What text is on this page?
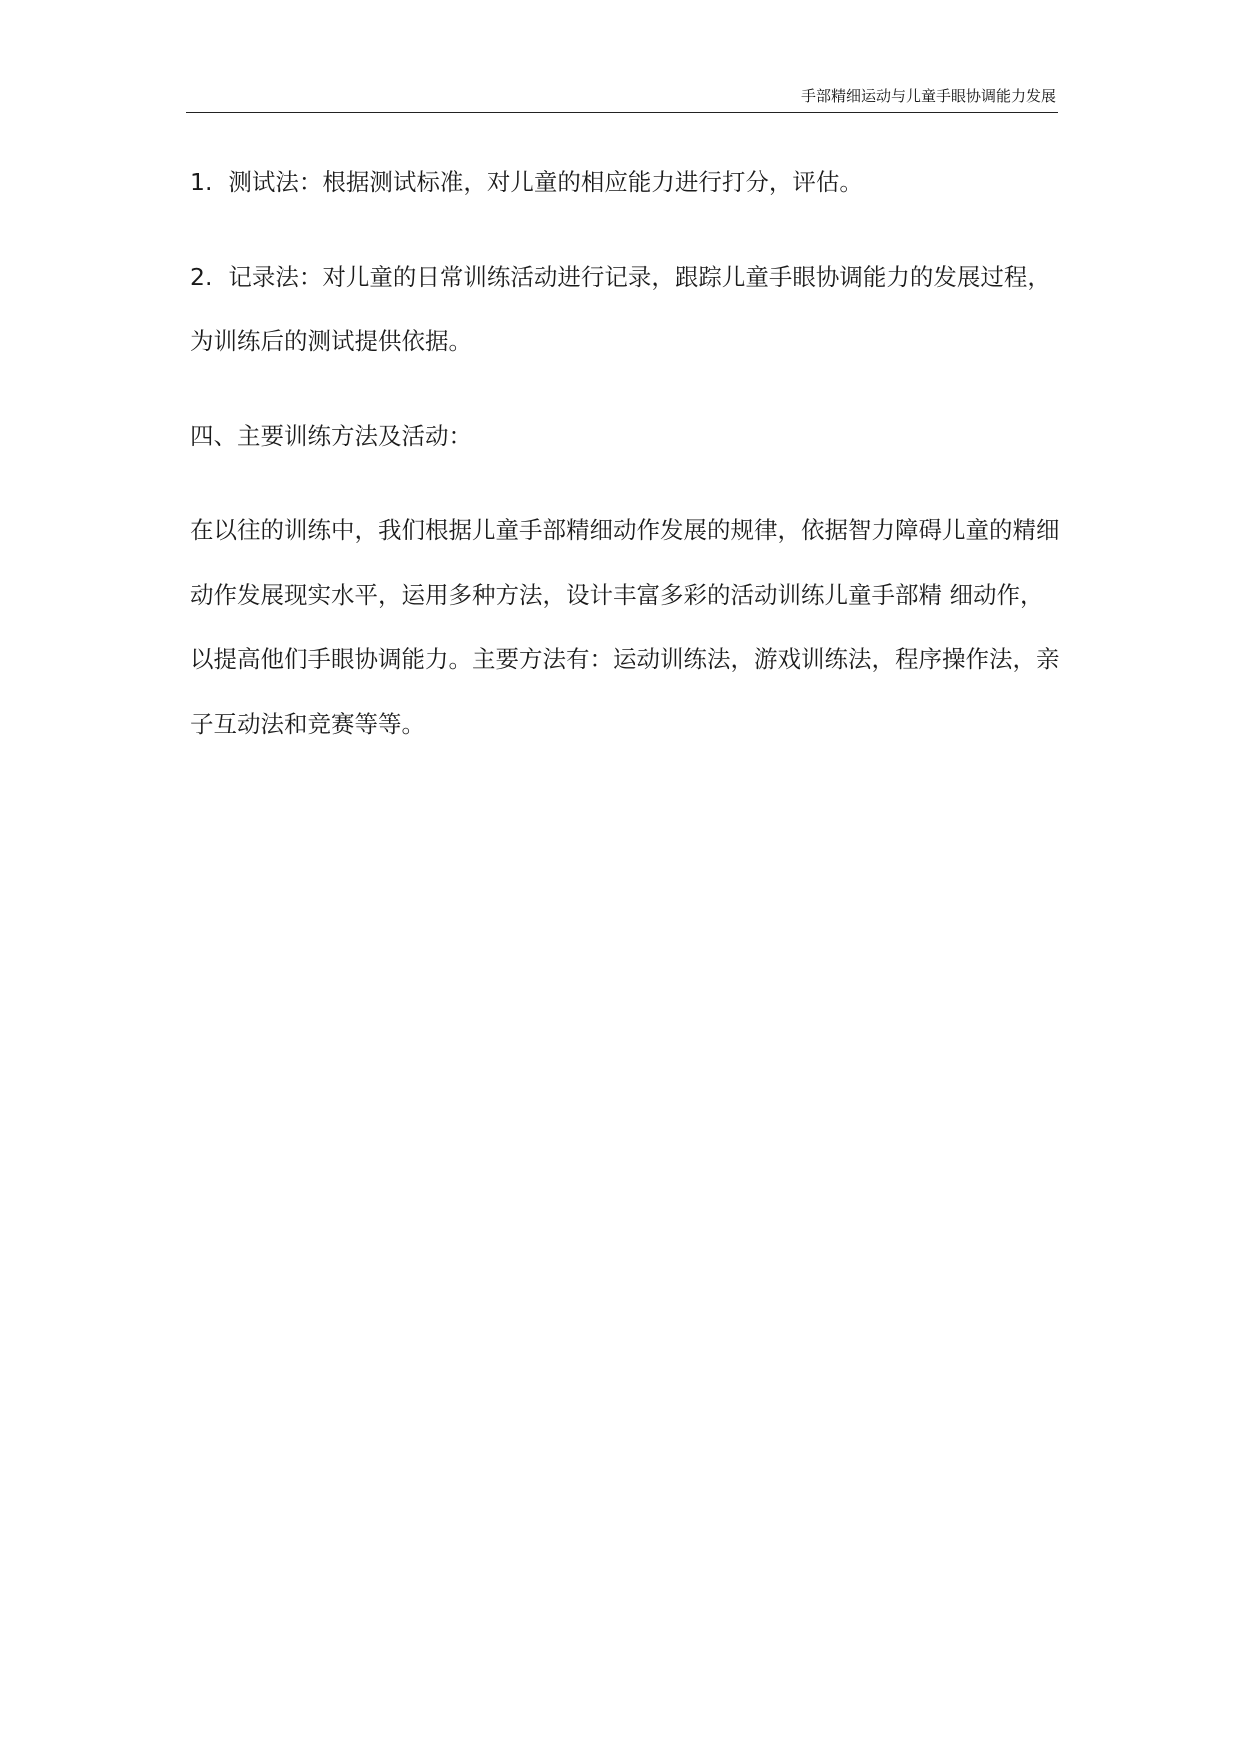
手部精细运动与儿童手眼协调能力发展

1. 测试法：根据测试标准，对儿童的相应能力进行打分，评估。

2. 记录法：对儿童的日常训练活动进行记录，跟踪儿童手眼协调能力的发展过程，为训练后的测试提供依据。

四、主要训练方法及活动：

在以往的训练中，我们根据儿童手部精细动作发展的规律，依据智力障碍儿童的精细动作发展现实水平，运用多种方法，设计丰富多彩的活动训练儿童手部精 细动作，以提高他们手眼协调能力。主要方法有：运动训练法，游戏训练法，程序操作法，亲子互动法和竞赛等等。
